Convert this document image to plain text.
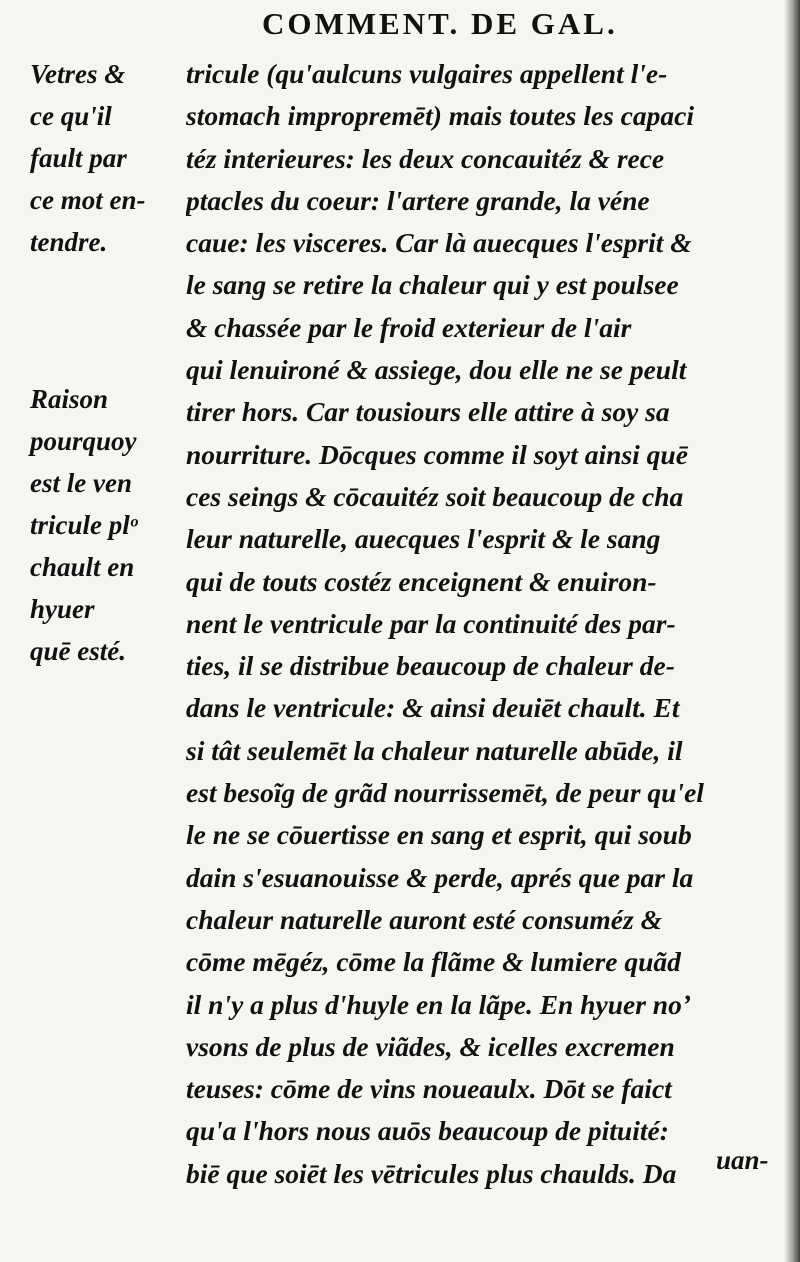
COMMENT. DE GAL.
Vetres &
ce qu'il
fault par
ce mot en-
tendre.
Raison
pourquoy
est le ven
tricule plᵒ
chault en
hyuer
quē esté.
tricule (qu'aulcuns vulgaires appellent l'e-
stomach impropremēt) mais toutes les capaci
téz interieures: les deux concauitéz & rece
ptacles du coeur: l'artere grande, la véne
caue: les visceres. Car là auecques l'esprit &
le sang se retire la chaleur qui y est poulsee
& chassée par le froid exterieur de l'air
qui lenuironé & assiege, dou elle ne se peult
tirer hors. Car tousiours elle attire à soy sa
nourriture. Dōcques comme il soyt ainsi quē
ces seings & cōcauitéz soit beaucoup de cha
leur naturelle, auecques l'esprit & le sang
qui de touts costéz enceignent & enuiron-
nent le ventricule par la continuité des par-
ties, il se distribue beaucoup de chaleur de-
dans le ventricule: & ainsi deuiēt chault. Et
si tât seulemēt la chaleur naturelle abūde, il
est besoĩg de grãd nourrissemēt, de peur qu'el
le ne se cōuertisse en sang et esprit, qui soub
dain s'esuanouisse & perde, aprés que par la
chaleur naturelle auront esté consuméz &
cōme mēgéz, cōme la flãme & lumiere quãd
il n'y a plus d'huyle en la lãpe. En hyuer noʼ
vsons de plus de viãdes, & icelles excremen
teuses: cōme de vins noueaulx. Dōt se faict
qu'a l'hors nous auōs beaucoup de pituité:
biē que soiēt les vētricules plus chaulds. Da	uan-
